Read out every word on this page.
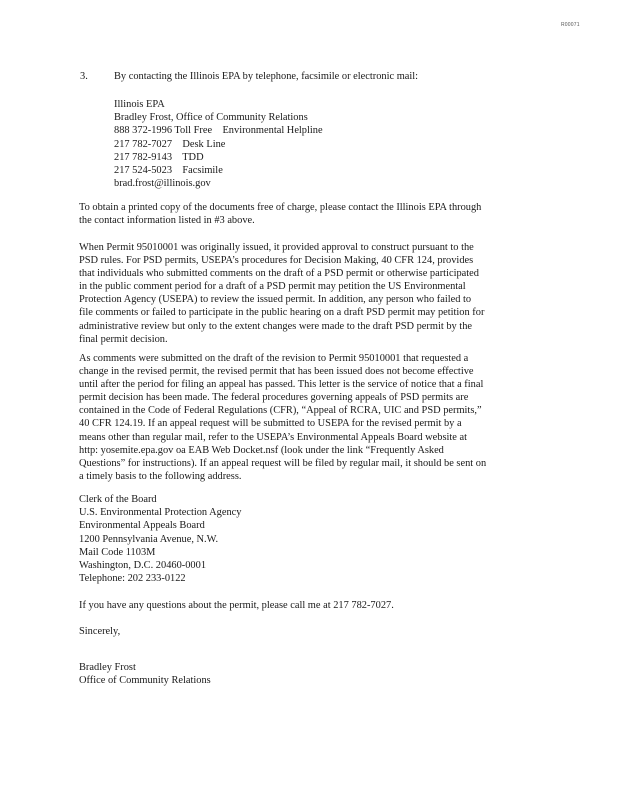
R00071
3.	By contacting the Illinois EPA by telephone, facsimile or electronic mail:
Illinois EPA
Bradley Frost, Office of Community Relations
888 372-1996 Toll Free    Environmental Helpline
217 782-7027    Desk Line
217 782-9143    TDD
217 524-5023    Facsimile
brad.frost@illinois.gov
To obtain a printed copy of the documents free of charge, please contact the Illinois EPA through
the contact information listed in #3 above.
When Permit 95010001 was originally issued, it provided approval to construct pursuant to the
PSD rules. For PSD permits, USEPA’s procedures for Decision Making, 40 CFR 124, provides
that individuals who submitted comments on the draft of a PSD permit or otherwise participated
in the public comment period for a draft of a PSD permit may petition the US Environmental
Protection Agency (USEPA) to review the issued permit. In addition, any person who failed to
file comments or failed to participate in the public hearing on a draft PSD permit may petition for
administrative review but only to the extent changes were made to the draft PSD permit by the
final permit decision.
As comments were submitted on the draft of the revision to Permit 95010001 that requested a
change in the revised permit, the revised permit that has been issued does not become effective
until after the period for filing an appeal has passed. This letter is the service of notice that a final
permit decision has been made. The federal procedures governing appeals of PSD permits are
contained in the Code of Federal Regulations (CFR), “Appeal of RCRA, UIC and PSD permits,”
40 CFR 124.19. If an appeal request will be submitted to USEPA for the revised permit by a
means other than regular mail, refer to the USEPA’s Environmental Appeals Board website at
http: yosemite.epa.gov oa EAB Web Docket.nsf (look under the link “Frequently Asked
Questions” for instructions). If an appeal request will be filed by regular mail, it should be sent on
a timely basis to the following address.
Clerk of the Board
U.S. Environmental Protection Agency
Environmental Appeals Board
1200 Pennsylvania Avenue, N.W.
Mail Code 1103M
Washington, D.C. 20460-0001
Telephone: 202 233-0122

If you have any questions about the permit, please call me at 217 782-7027.

Sincerely,

Bradley Frost
Office of Community Relations
